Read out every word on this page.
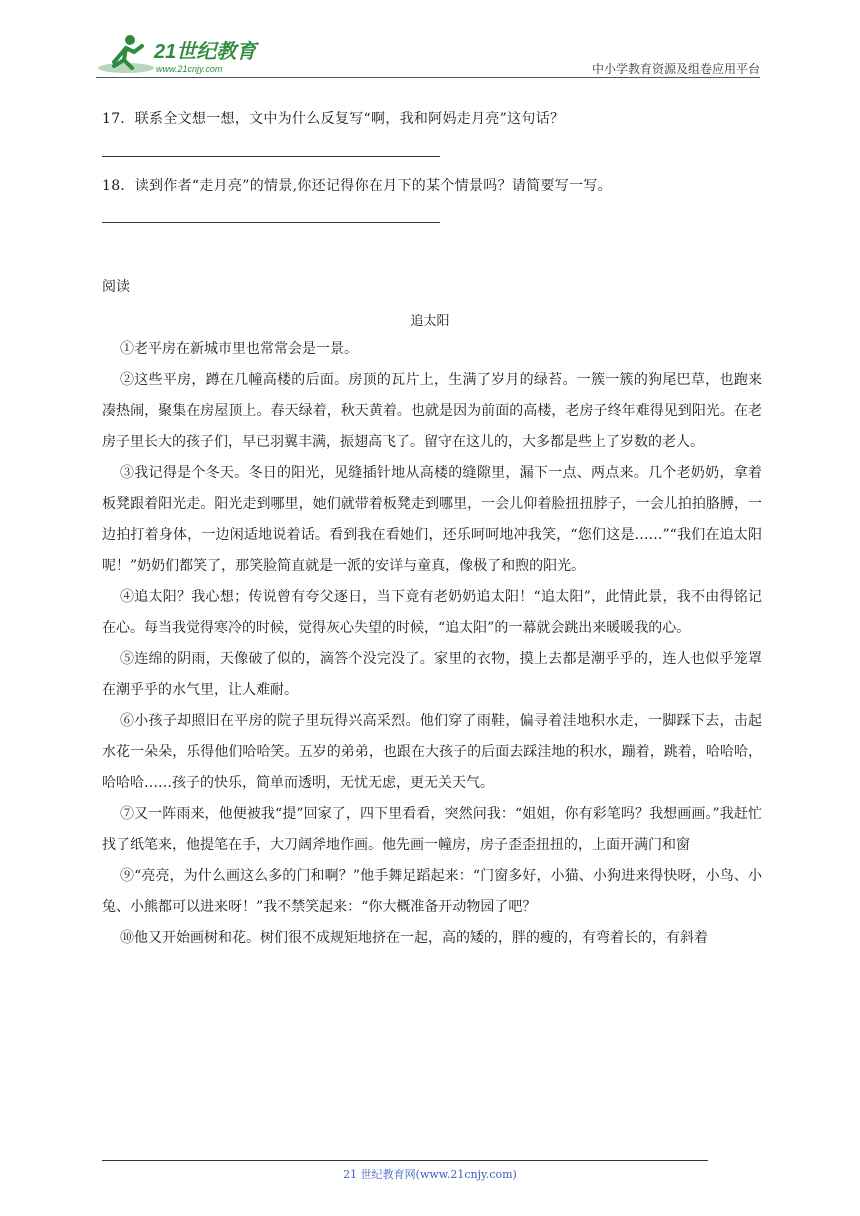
21世纪教育
www.21cnjy.com	中小学教育资源及组卷应用平台
17．联系全文想一想，文中为什么反复写“啊，我和阿妈走月亮”这句话？
18．读到作者“走月亮”的情景,你还记得你在月下的某个情景吗？请简要写一写。
阅读
追太阳

①老平房在新城市里也常常会是一景。

②这些平房，蹲在几幢高楼的后面。房顶的瓦片上，生满了岁月的绿苔。一簇一簇的狗尾巴草，也跑来凑热闹，聚集在房屋顶上。春天绿着，秋天黄着。也就是因为前面的高楼，老房子终年难得见到阳光。在老房子里长大的孩子们，早已羽翼丰满，振翅高飞了。留守在这儿的，大多都是些上了岁数的老人。

③我记得是个冬天。冬日的阳光，见缝插针地从高楼的缝隙里，漏下一点、两点来。几个老奶奶，拿着板凳跟着阳光走。阳光走到哪里，她们就带着板凳走到哪里，一会儿仰着脸扭扭脖子，一会儿拍拍胳膊，一边拍打着身体，一边闲适地说着话。看到我在看她们，还乐呵呵地冲我笑，“您们这是……”“我们在追太阳呢！”奶奶们都笑了，那笑脸简直就是一派的安详与童真，像极了和煦的阳光。

④追太阳？我心想；传说曾有夸父逐日，当下竟有老奶奶追太阳！“追太阳”，此情此景，我不由得铭记在心。每当我觉得寒冷的时候，觉得灰心失望的时候，“追太阳”的一幕就会跳出来暖暖我的心。

⑤连绵的阴雨，天像破了似的，滴答个没完没了。家里的衣物，摸上去都是潮乎乎的，连人也似乎笼罩在潮乎乎的水气里，让人难耐。

⑥小孩子却照旧在平房的院子里玩得兴高采烈。他们穿了雨鞋，偏寻着洼地积水走，一脚踩下去，击起水花一朵朵，乐得他们哈哈笑。五岁的弟弟，也跟在大孩子的后面去踩洼地的积水，蹦着，跳着，哈哈哈，哈哈哈……孩子的快乐，简单而透明，无忧无虑，更无关天气。

⑦又一阵雨来，他便被我“提”回家了，四下里看看，突然问我：“姐姐，你有彩笔吗？我想画画。”我赶忙找了纸笔来，他提笔在手，大刀阔斧地作画。他先画一幢房，房子歪歪扭扭的，上面开满门和窗

⑨“亮亮，为什么画这么多的门和啊？”他手舞足蹈起来：“门窗多好，小猫、小狗进来得快呀，小鸟、小兔、小熊都可以进来呀！”我不禁笑起来：“你大概准备开动物园了吧？

⑩他又开始画树和花。树们很不成规矩地挤在一起，高的矮的，胖的瘦的，有弯着长的，有斜着

21 世纪教育网(www.21cnjy.com)
